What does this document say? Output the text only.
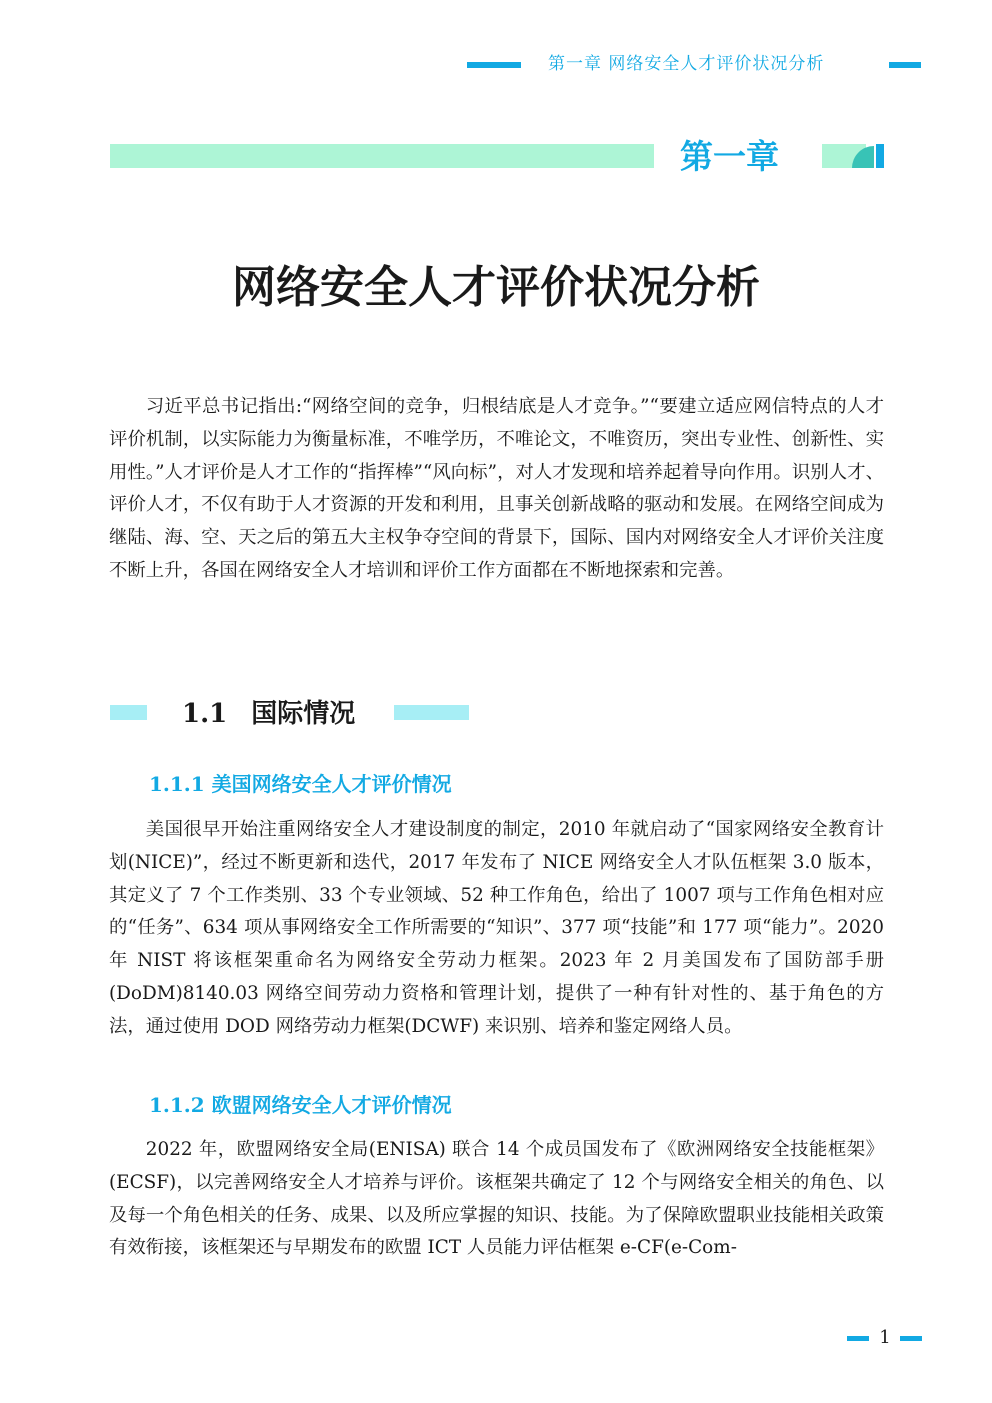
第一章 网络安全人才评价状况分析
第一章
网络安全人才评价状况分析

习近平总书记指出:“网络空间的竞争，归根结底是人才竞争。”“要建立适应网信特点的人才评价机制，以实际能力为衡量标准，不唯学历，不唯论文，不唯资历，突出专业性、创新性、实用性。”人才评价是人才工作的“指挥棒”“风向标”，对人才发现和培养起着导向作用。识别人才、评价人才，不仅有助于人才资源的开发和利用，且事关创新战略的驱动和发展。在网络空间成为继陆、海、空、天之后的第五大主权争夺空间的背景下，国际、国内对网络安全人才评价关注度不断上升，各国在网络安全人才培训和评价工作方面都在不断地探索和完善。

1.1 国际情况
1.1.1 美国网络安全人才评价情况

美国很早开始注重网络安全人才建设制度的制定，2010 年就启动了“国家网络安全教育计划(NICE)”，经过不断更新和迭代，2017 年发布了 NICE 网络安全人才队伍框架 3.0 版本，其定义了 7 个工作类别、33 个专业领域、52 种工作角色，给出了 1007 项与工作角色相对应的“任务”、634 项从事网络安全工作所需要的“知识”、377 项“技能”和 177 项“能力”。2020 年 NIST 将该框架重命名为网络安全劳动力框架。2023 年 2 月美国发布了国防部手册(DoDM)8140.03 网络空间劳动力资格和管理计划，提供了一种有针对性的、基于角色的方法，通过使用 DOD 网络劳动力框架(DCWF) 来识别、培养和鉴定网络人员。

1.1.2 欧盟网络安全人才评价情况

2022 年，欧盟网络安全局(ENISA) 联合 14 个成员国发布了《欧洲网络安全技能框架》(ECSF)，以完善网络安全人才培养与评价。该框架共确定了 12 个与网络安全相关的角色、以及每一个角色相关的任务、成果、以及所应掌握的知识、技能。为了保障欧盟职业技能相关政策有效衔接，该框架还与早期发布的欧盟 ICT 人员能力评估框架 e-CF(e-Com-

1
